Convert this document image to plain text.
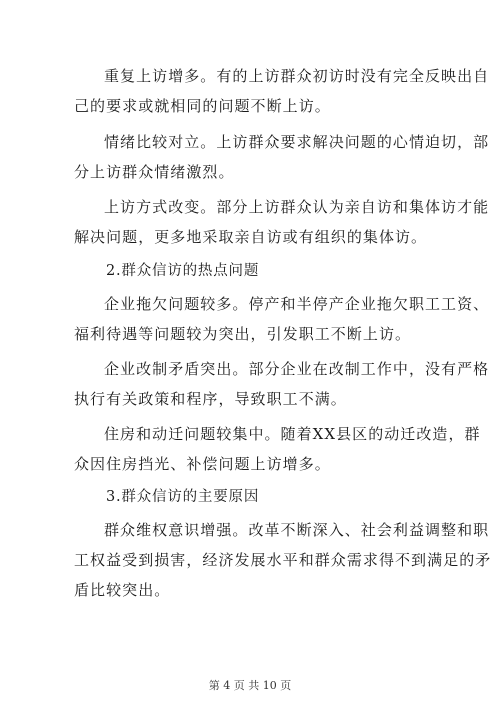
重复上访增多。有的上访群众初访时没有完全反映出自
己的要求或就相同的问题不断上访。
情绪比较对立。上访群众要求解决问题的心情迫切，部
分上访群众情绪激烈。
上访方式改变。部分上访群众认为亲自访和集体访才能
解决问题，更多地采取亲自访或有组织的集体访。
2.群众信访的热点问题
企业拖欠问题较多。停产和半停产企业拖欠职工工资、
福利待遇等问题较为突出，引发职工不断上访。
企业改制矛盾突出。部分企业在改制工作中，没有严格
执行有关政策和程序，导致职工不满。
住房和动迁问题较集中。随着XX县区的动迁改造，群
众因住房挡光、补偿问题上访增多。
3.群众信访的主要原因
群众维权意识增强。改革不断深入、社会利益调整和职
工权益受到损害，经济发展水平和群众需求得不到满足的矛
盾比较突出。
第 4 页 共 10 页
